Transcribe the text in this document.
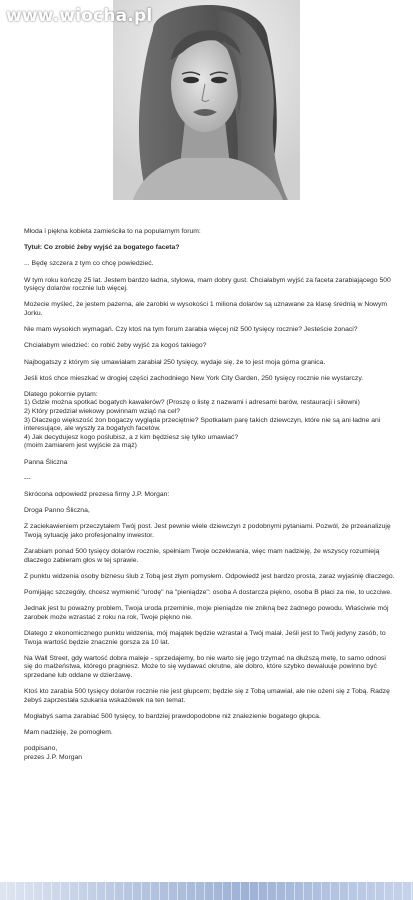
www.wiocha.pl

Młoda i piękna kobieta zamieściła to na popularnym forum:

Tytuł: Co zrobić żeby wyjść za bogatego faceta?

... Będę szczera z tym co chcę powiedzieć.

W tym roku kończę 25 lat. Jestem bardzo ładna, stylowa, mam dobry gust. Chciałabym wyjść za faceta zarabiającego 500 tysięcy dolarów rocznie lub więcej.

Możecie myśleć, że jestem pazerna, ale zarobki w wysokości 1 miliona dolarów są uznawane za klasę średnią w Nowym Jorku.

Nie mam wysokich wymagań. Czy ktoś na tym forum zarabia więcej niż 500 tysięcy rocznie? Jesteście żonaci?

Chciałabym wiedzieć: co robić żeby wyjść za kogoś takiego?

Najbogatszy z którym się umawiałam zarabiał 250 tysięcy, wydaje się, że to jest moja górna granica.

Jeśli ktoś chce mieszkać w drogiej części zachodniego New York City Garden, 250 tysięcy rocznie nie wystarczy.

Dlatego pokornie pytam:
1) Gdzie można spotkać bogatych kawalerów? (Proszę o listę z nazwami i adresami barów, restauracji i siłowni)
2) Który przedział wiekowy powinnam wziąć na cel?
3) Dlaczego większość żon bogaczy wygląda przeciętnie? Spotkałam parę takich dziewczyn, które nie są ani ładne ani interesujące, ale wyszły za bogatych facetów.
4) Jak decydujesz kogo poślubisz, a z kim będziesz się tylko umawiać?
(moim zamiarem jest wyjście za mąż)

Panna Śliczna

---

Skrócona odpowiedź prezesa firmy J.P. Morgan:

Droga Panno Śliczna,

Z zaciekawieniem przeczytałem Twój post. Jest pewnie wiele dziewczyn z podobnymi pytaniami. Pozwól, że przeanalizuję Twoją sytuację jako profesjonalny inwestor.

Zarabiam ponad 500 tysięcy dolarów rocznie, spełniam Twoje oczekiwania, więc mam nadzieję, że wszyscy rozumieją dlaczego zabieram głos w tej sprawie.

Z punktu widzenia osoby biznesu ślub z Tobą jest złym pomysłem. Odpowiedź jest bardzo prosta, zaraz wyjaśnię dlaczego.

Pomijając szczegóły, chcesz wymienić "urodę" na "pieniądze": osoba A dostarcza piękno, osoba B płaci za nie, to uczciwe.

Jednak jest tu poważny problem, Twoja uroda przeminie, moje pieniądze nie znikną bez żadnego powodu. Właściwie mój zarobek może wzrastać z roku na rok, Twoje piękno nie.

Dlatego z ekonomicznego punktu widzenia, mój majątek będzie wzrastał a Twój malał. Jeśli jest to Twój jedyny zasób, to Twoja wartość będzie znacznie gorsza za 10 lat.

Na Wall Street, gdy wartość dobra maleje - sprzedajemy, bo nie warto się jego trzymać na dłuższą metę, to samo odnosi się do małżeństwa, którego pragniesz. Może to się wydawać okrutne, ale dobro, które szybko dewaluuje powinno być sprzedane lub oddane w dzierżawę.

Ktoś kto zarabia 500 tysięcy dolarów rocznie nie jest głupcem; będzie się z Tobą umawiał, ale nie ożeni się z Tobą. Radzę żebyś zaprzestała szukania wskazówek na ten temat.

Mogłabyś sama zarabiać 500 tysięcy, to bardziej prawdopodobne niż znalezienie bogatego głupca.

Mam nadzieję, że pomogłem.

podpisano,
prezes J.P. Morgan
